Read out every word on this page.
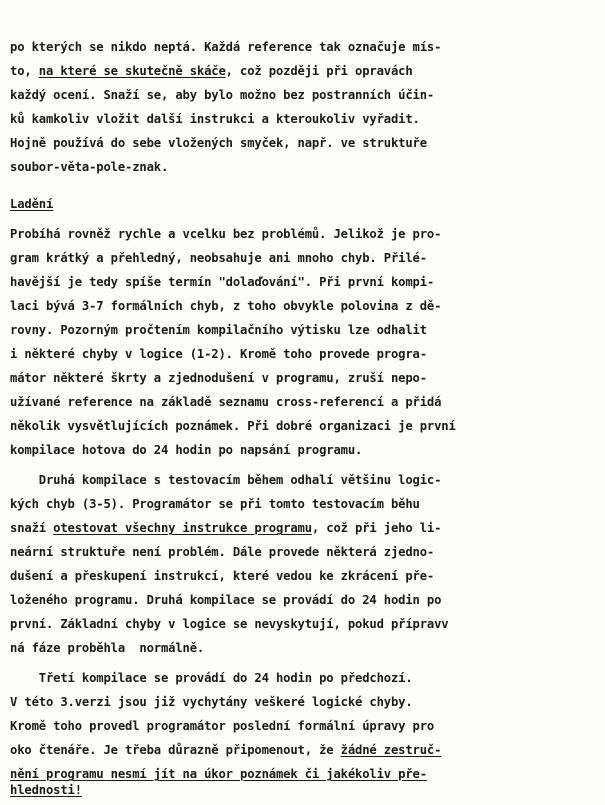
po kterých se nikdo neptá. Každá reference tak označuje mís-
to, na které se skutečně skáče, což později při opravách
každý ocení. Snaží se, aby bylo možno bez postranních účin-
ků kamkoliv vložit další instrukci a kteroukoliv vyřadit.
Hojně používá do sebe vložených smyček, např. ve struktuře
soubor-věta-pole-znak.
Ladění
Probíhá rovněž rychle a vcelku bez problémů. Jelikož je pro-
gram krátký a přehledný, neobsahuje ani mnoho chyb. Přilé-
havější je tedy spíše termín "dolaďování". Při první kompi-
laci bývá 3-7 formálních chyb, z toho obvykle polovina z dě-
rovny. Pozorným pročtením kompilačního výtisku lze odhalit
i některé chyby v logice (1-2). Kromě toho provede progra-
mátor některé škrty a zjednodušení v programu, zruší nepo-
užívané reference na základě seznamu cross-referencí a přidá
několik vysvětlujících poznámek. Při dobré organizaci je první
kompilace hotova do 24 hodin po napsání programu.
Druhá kompilace s testovacím během odhalí většinu logic-
kých chyb (3-5). Programátor se při tomto testovacím běhu
snaží otestovat všechny instrukce programu, což při jeho li-
neární struktuře není problém. Dále provede některá zjedno-
dušení a přeskupení instrukcí, které vedou ke zkrácení pře-
loženého programu. Druhá kompilace se provádí do 24 hodin po
první. Základní chyby v logice se nevyskytují, pokud přípravv
ná fáze proběhla  normálně.
Třetí kompilace se provádí do 24 hodin po předchozí.
V této 3.verzi jsou již vychytány veškeré logické chyby.
Kromě toho provedl programátor poslední formální úpravy pro
oko čtenáře. Je třeba důrazně připomenout, že žádné zestruč-
nění programu nesmí jít na úkor poznámek či jakékoliv pře-
hlednosti!
